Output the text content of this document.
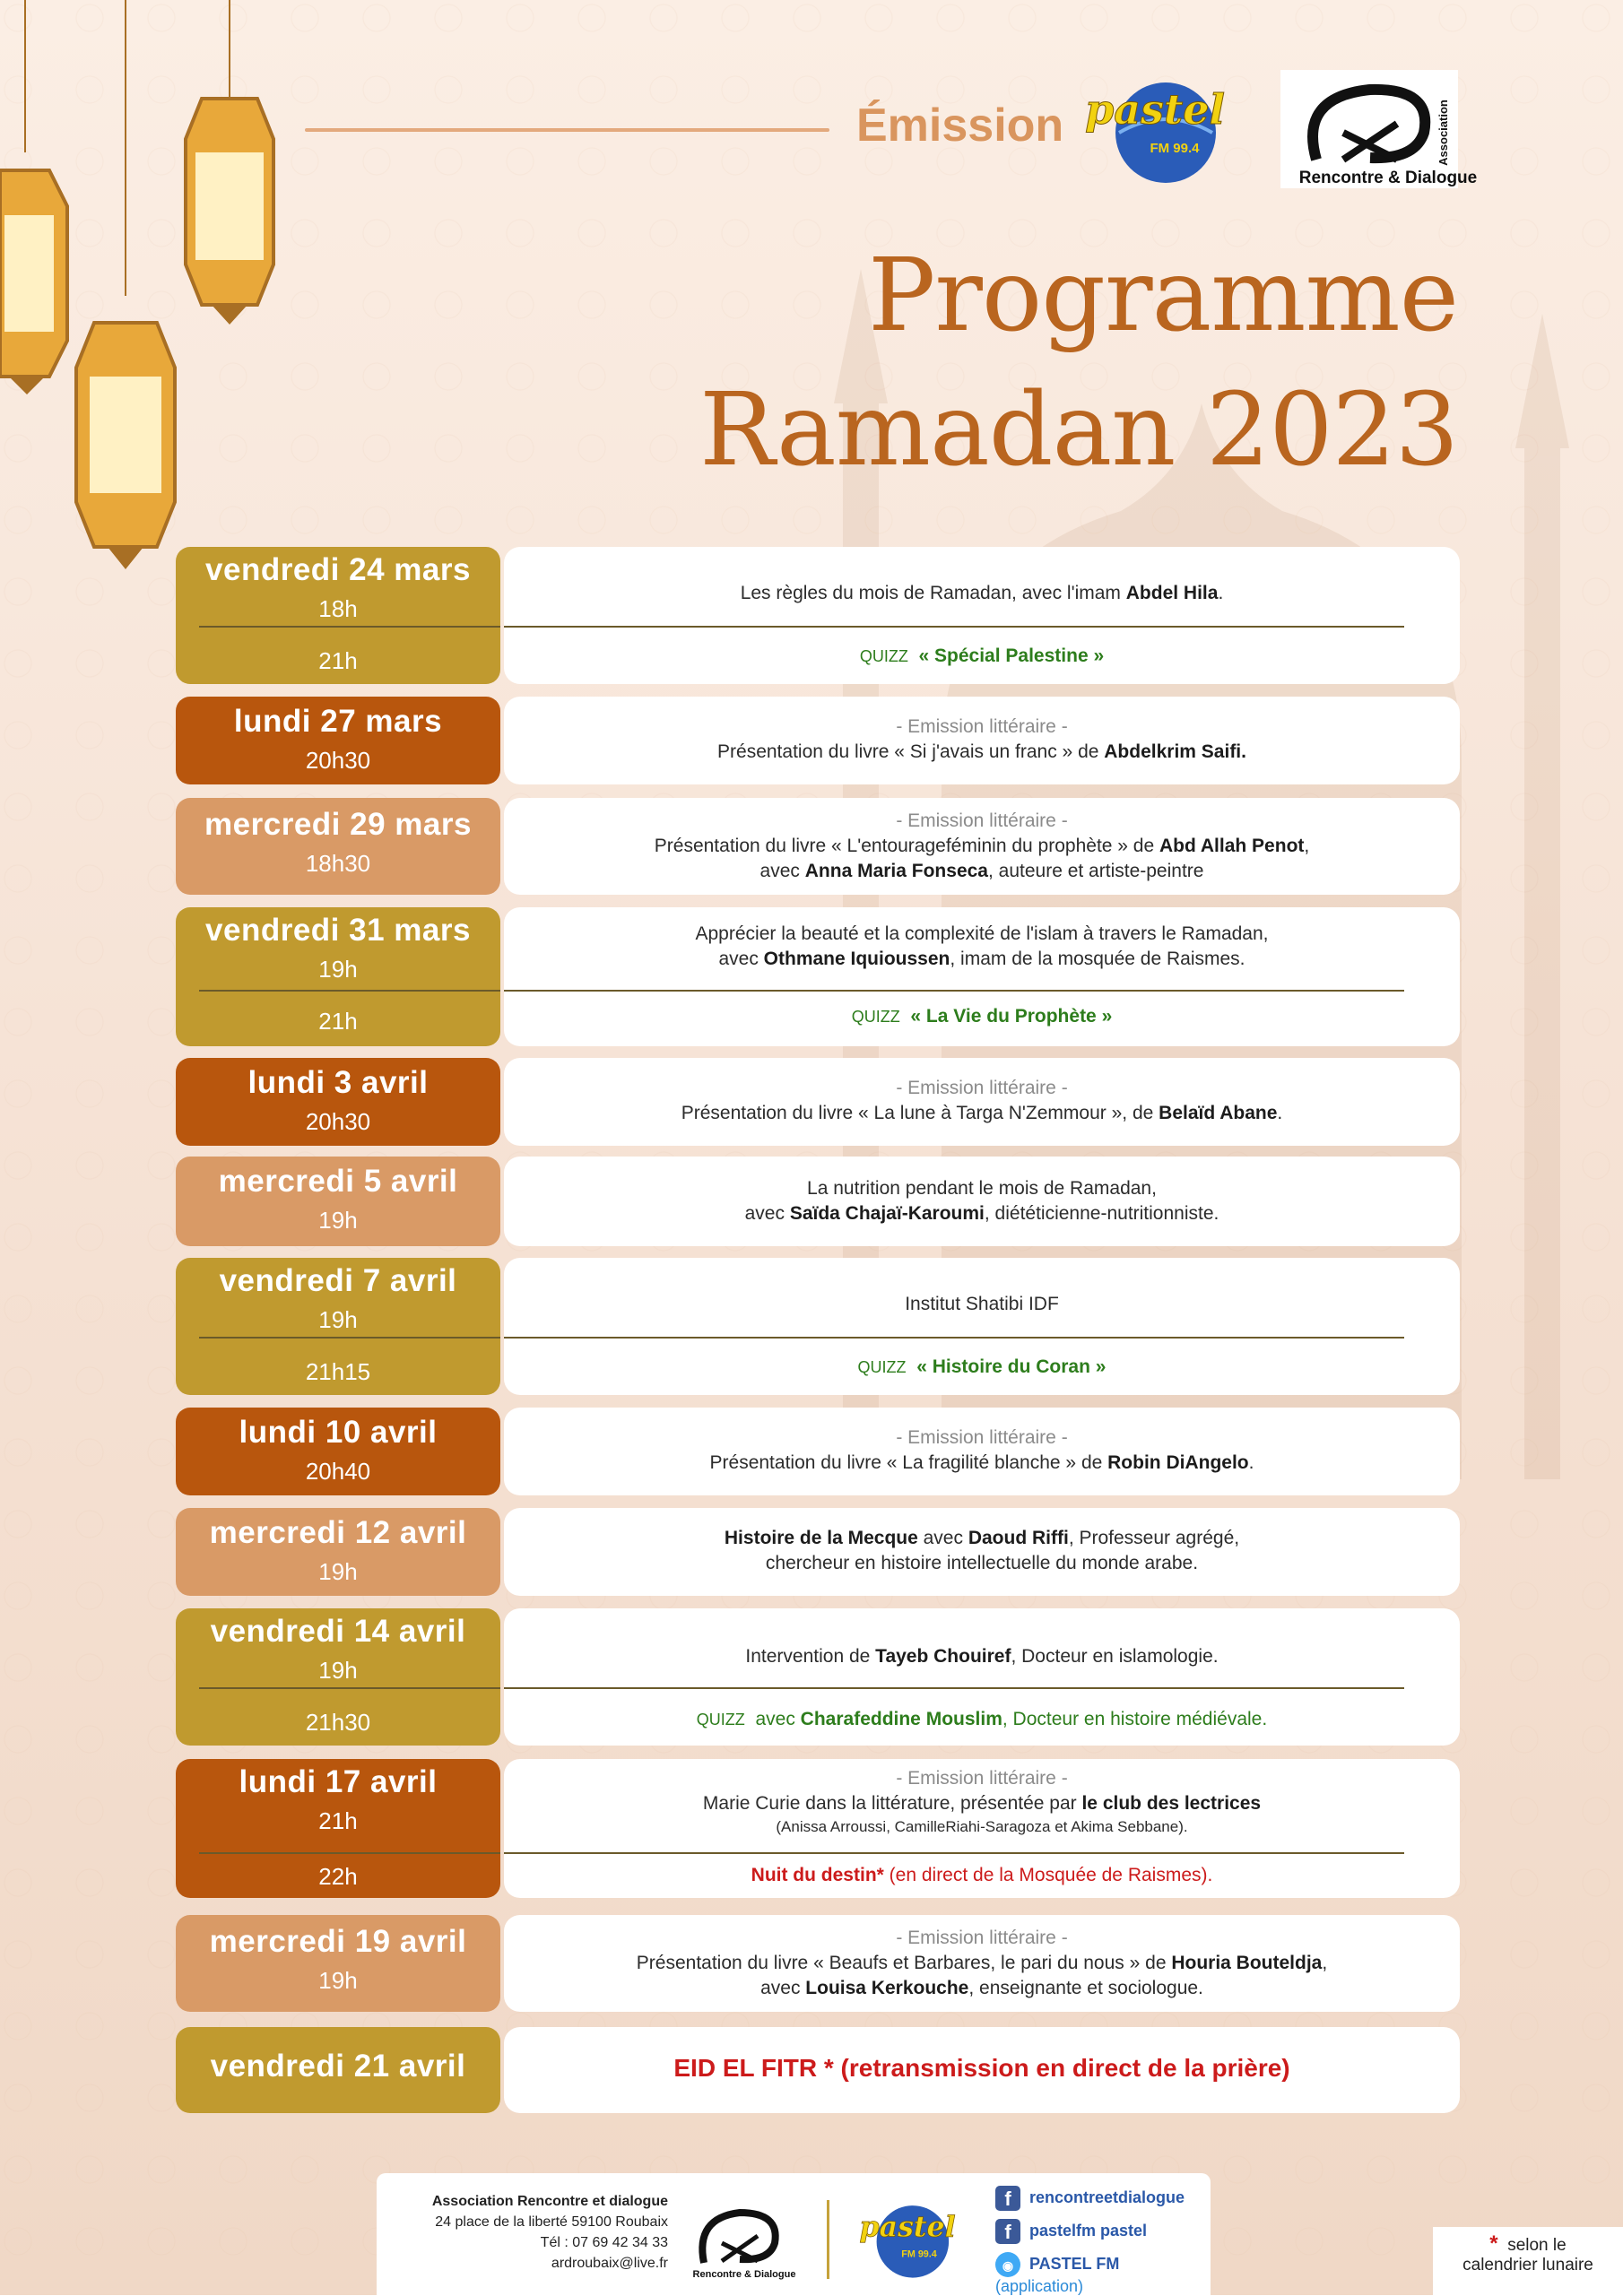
Émission pastel
FM 99.4
Rencontre & Dialogue
Association
Programme
Ramadan 2023
vendredi 24 mars
18h
21h
Les règles du mois de Ramadan, avec l'imam Abdel Hila.
QUIZZ « Spécial Palestine »
lundi 27 mars
20h30
- Emission littéraire -
Présentation du livre « Si j'avais un franc » de Abdelkrim Saifi.
mercredi 29 mars
18h30
- Emission littéraire -
Présentation du livre « L'entourageféminin du prophète » de Abd Allah Penot,
avec Anna Maria Fonseca, auteure et artiste-peintre
vendredi 31 mars
19h
21h
Apprécier la beauté et la complexité de l'islam à travers le Ramadan,
avec Othmane Iquioussen, imam de la mosquée de Raismes.
QUIZZ « La Vie du Prophète »
lundi 3 avril
20h30
- Emission littéraire -
Présentation du livre « La lune à Targa N'Zemmour », de Belaïd Abane.
mercredi 5 avril
19h
La nutrition pendant le mois de Ramadan,
avec Saïda Chajaï-Karoumi, diététicienne-nutritionniste.
vendredi 7 avril
19h
21h15
Institut Shatibi IDF
QUIZZ « Histoire du Coran »
lundi 10 avril
20h40
- Emission littéraire -
Présentation du livre « La fragilité blanche » de Robin DiAngelo.
mercredi 12 avril
19h
Histoire de la Mecque avec Daoud Riffi, Professeur agrégé,
chercheur en histoire intellectuelle du monde arabe.
vendredi 14 avril
19h
21h30
Intervention de Tayeb Chouiref, Docteur en islamologie.
QUIZZ avec Charafeddine Mouslim, Docteur en histoire médiévale.
lundi 17 avril
21h
22h
- Emission littéraire -
Marie Curie dans la littérature, présentée par le club des lectrices
(Anissa Arroussi, CamilleRiahi-Saragoza et Akima Sebbane).
Nuit du destin* (en direct de la Mosquée de Raismes).
mercredi 19 avril
19h
- Emission littéraire -
Présentation du livre « Beaufs et Barbares, le pari du nous » de Houria Bouteldja,
avec Louisa Kerkouche, enseignante et sociologue.
vendredi 21 avril	EID EL FITR * (retransmission en direct de la prière)
Association Rencontre et dialogue
24 place de la liberté 59100 Roubaix
Tél : 07 69 42 34 33
ardroubaix@live.fr
Rencontre & Dialogue
pastel
FM 99.4
f rencontreetdialogue
f pastelfm pastel
◉ PASTEL FM (application)
* selon le
calendrier lunaire
